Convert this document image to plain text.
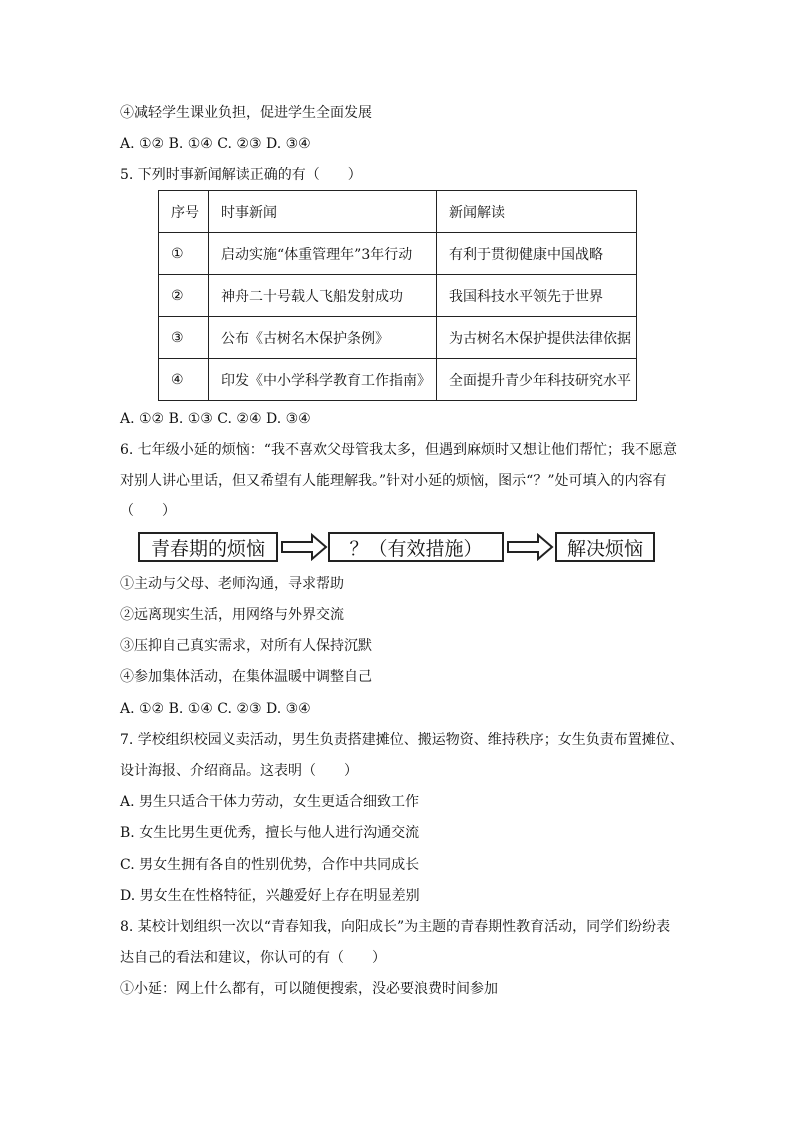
④减轻学生课业负担，促进学生全面发展
A. ①② B. ①④ C. ②③ D. ③④
5. 下列时事新闻解读正确的有（　　）
序号	时事新闻	新闻解读
①	启动实施“体重管理年”3年行动	有利于贯彻健康中国战略
②	神舟二十号载人飞船发射成功	我国科技水平领先于世界
③	公布《古树名木保护条例》	为古树名木保护提供法律依据
④	印发《中小学科学教育工作指南》	全面提升青少年科技研究水平
A. ①② B. ①③ C. ②④ D. ③④
6. 七年级小延的烦恼：“我不喜欢父母管我太多，但遇到麻烦时又想让他们帮忙；我不愿意
对别人讲心里话，但又希望有人能理解我。”针对小延的烦恼，图示“？”处可填入的内容有
（　　）
青春期的烦恼	？（有效措施）	解决烦恼
①主动与父母、老师沟通，寻求帮助
②远离现实生活，用网络与外界交流
③压抑自己真实需求，对所有人保持沉默
④参加集体活动，在集体温暖中调整自己
A. ①② B. ①④ C. ②③ D. ③④
7. 学校组织校园义卖活动，男生负责搭建摊位、搬运物资、维持秩序；女生负责布置摊位、
设计海报、介绍商品。这表明（　　）
A. 男生只适合干体力劳动，女生更适合细致工作
B. 女生比男生更优秀，擅长与他人进行沟通交流
C. 男女生拥有各自的性别优势，合作中共同成长
D. 男女生在性格特征，兴趣爱好上存在明显差别
8. 某校计划组织一次以“青春知我，向阳成长”为主题的青春期性教育活动，同学们纷纷表
达自己的看法和建议，你认可的有（　　）
①小延：网上什么都有，可以随便搜索，没必要浪费时间参加
